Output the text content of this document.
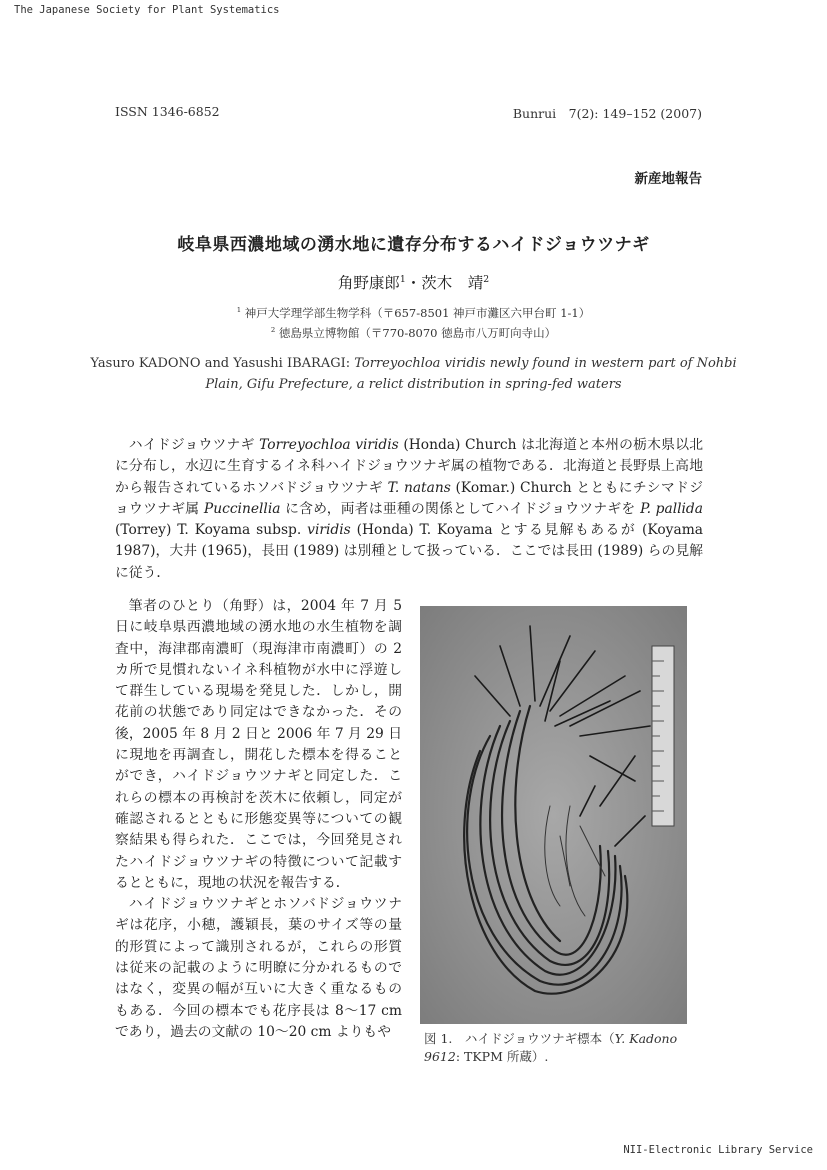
The Japanese Society for Plant Systematics
ISSN 1346-6852	Bunrui　7(2): 149–152 (2007)
新産地報告
岐阜県西濃地域の湧水地に遺存分布するハイドジョウツナギ
角野康郎$^1$・茨木　靖$^2$
$^1$ 神戸大学理学部生物学科（〒657-8501 神戸市灘区六甲台町 1-1）
$^2$ 徳島県立博物館（〒770-8070 徳島市八万町向寺山）
Yasuro KADONO and Yasushi IBARAGI: Torreyochloa viridis newly found in western part of Nohbi Plain, Gifu Prefecture, a relict distribution in spring-fed waters

ハイドジョウツナギ Torreyochloa viridis (Honda) Church は北海道と本州の栃木県以北に分布し，水辺に生育するイネ科ハイドジョウツナギ属の植物である．北海道と長野県上高地から報告されているホソバドジョウツナギ T. natans (Komar.) Church とともにチシマドジョウツナギ属 Puccinellia に含め，両者は亜種の関係としてハイドジョウツナギを P. pallida (Torrey) T. Koyama subsp. viridis (Honda) T. Koyama とする見解もあるが (Koyama 1987)，大井 (1965)，長田 (1989) は別種として扱っている．ここでは長田 (1989) らの見解に従う．

筆者のひとり（角野）は，2004 年 7 月 5 日に岐阜県西濃地域の湧水地の水生植物を調査中，海津郡南濃町（現海津市南濃町）の 2 カ所で見慣れないイネ科植物が水中に浮遊して群生している現場を発見した．しかし，開花前の状態であり同定はできなかった．その後，2005 年 8 月 2 日と 2006 年 7 月 29 日に現地を再調査し，開花した標本を得ることができ，ハイドジョウツナギと同定した．これらの標本の再検討を茨木に依頼し，同定が確認されるとともに形態変異等についての観察結果も得られた．ここでは，今回発見されたハイドジョウツナギの特徴について記載するとともに，現地の状況を報告する．

ハイドジョウツナギとホソバドジョウツナギは花序，小穂，護穎長，葉のサイズ等の量的形質によって識別されるが，これらの形質は従来の記載のように明瞭に分かれるものではなく，変異の幅が互いに大きく重なるものもある．今回の標本でも花序長は 8〜17 cm であり，過去の文献の 10〜20 cm よりもや	図 1.　ハイドジョウツナギ標本（Y. Kadono 9612: TKPM 所蔵）.
NII-Electronic Library Service
